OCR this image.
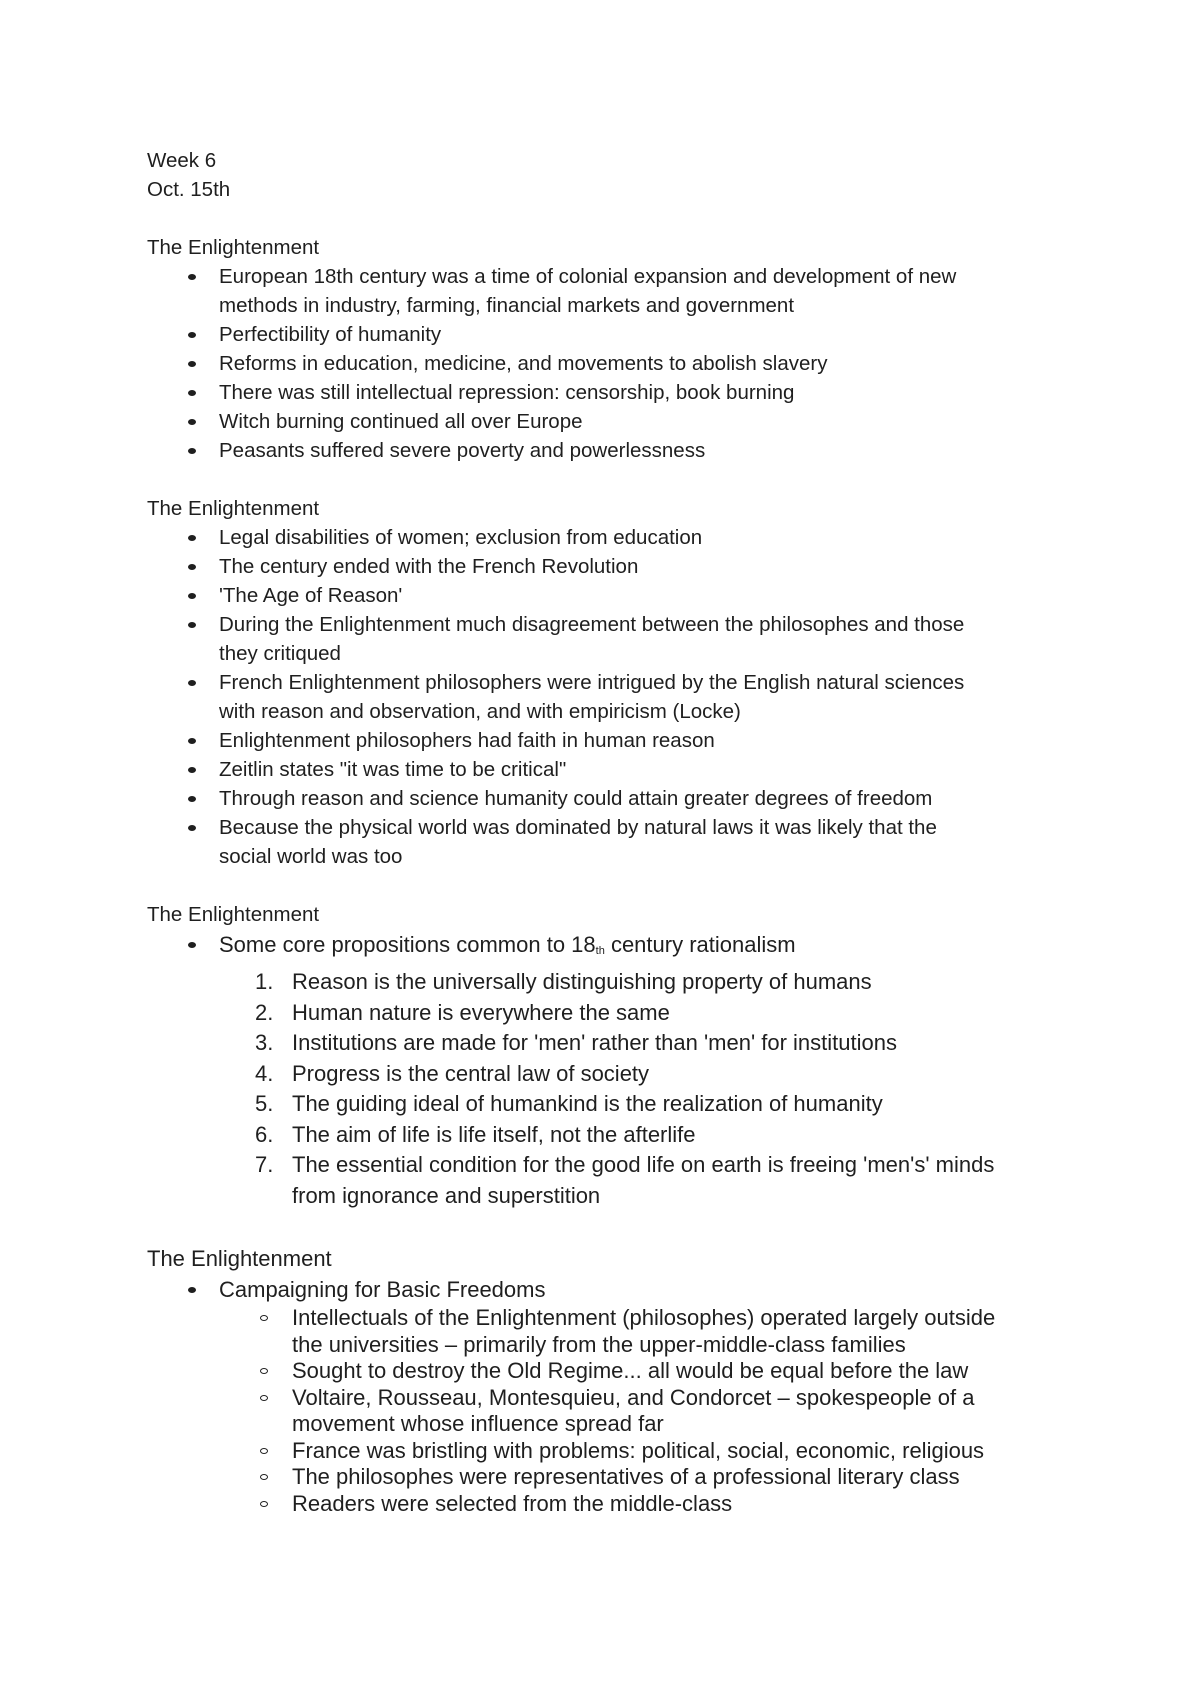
Week 6

Oct. 15th

The Enlightenment

European 18th century was a time of colonial expansion and development of new
methods in industry, farming, financial markets and government
Perfectibility of humanity
Reforms in education, medicine, and movements to abolish slavery
There was still intellectual repression: censorship, book burning
Witch burning continued all over Europe
Peasants suffered severe poverty and powerlessness

The Enlightenment

Legal disabilities of women; exclusion from education
The century ended with the French Revolution
'The Age of Reason'
During the Enlightenment much disagreement between the philosophes and those
they critiqued
French Enlightenment philosophers were intrigued by the English natural sciences
with reason and observation, and with empiricism (Locke)
Enlightenment philosophers had faith in human reason
Zeitlin states "it was time to be critical"
Through reason and science humanity could attain greater degrees of freedom
Because the physical world was dominated by natural laws it was likely that the
social world was too

The Enlightenment

Some core propositions common to 18th century rationalism
1. Reason is the universally distinguishing property of humans
2. Human nature is everywhere the same
3. Institutions are made for 'men' rather than 'men' for institutions
4. Progress is the central law of society
5. The guiding ideal of humankind is the realization of humanity
6. The aim of life is life itself, not the afterlife
7. The essential condition for the good life on earth is freeing 'men's' minds
from ignorance and superstition

The Enlightenment

Campaigning for Basic Freedoms
Intellectuals of the Enlightenment (philosophes) operated largely outside
the universities – primarily from the upper-middle-class families
Sought to destroy the Old Regime... all would be equal before the law
Voltaire, Rousseau, Montesquieu, and Condorcet – spokespeople of a
movement whose influence spread far
France was bristling with problems: political, social, economic, religious
The philosophes were representatives of a professional literary class
Readers were selected from the middle-class
